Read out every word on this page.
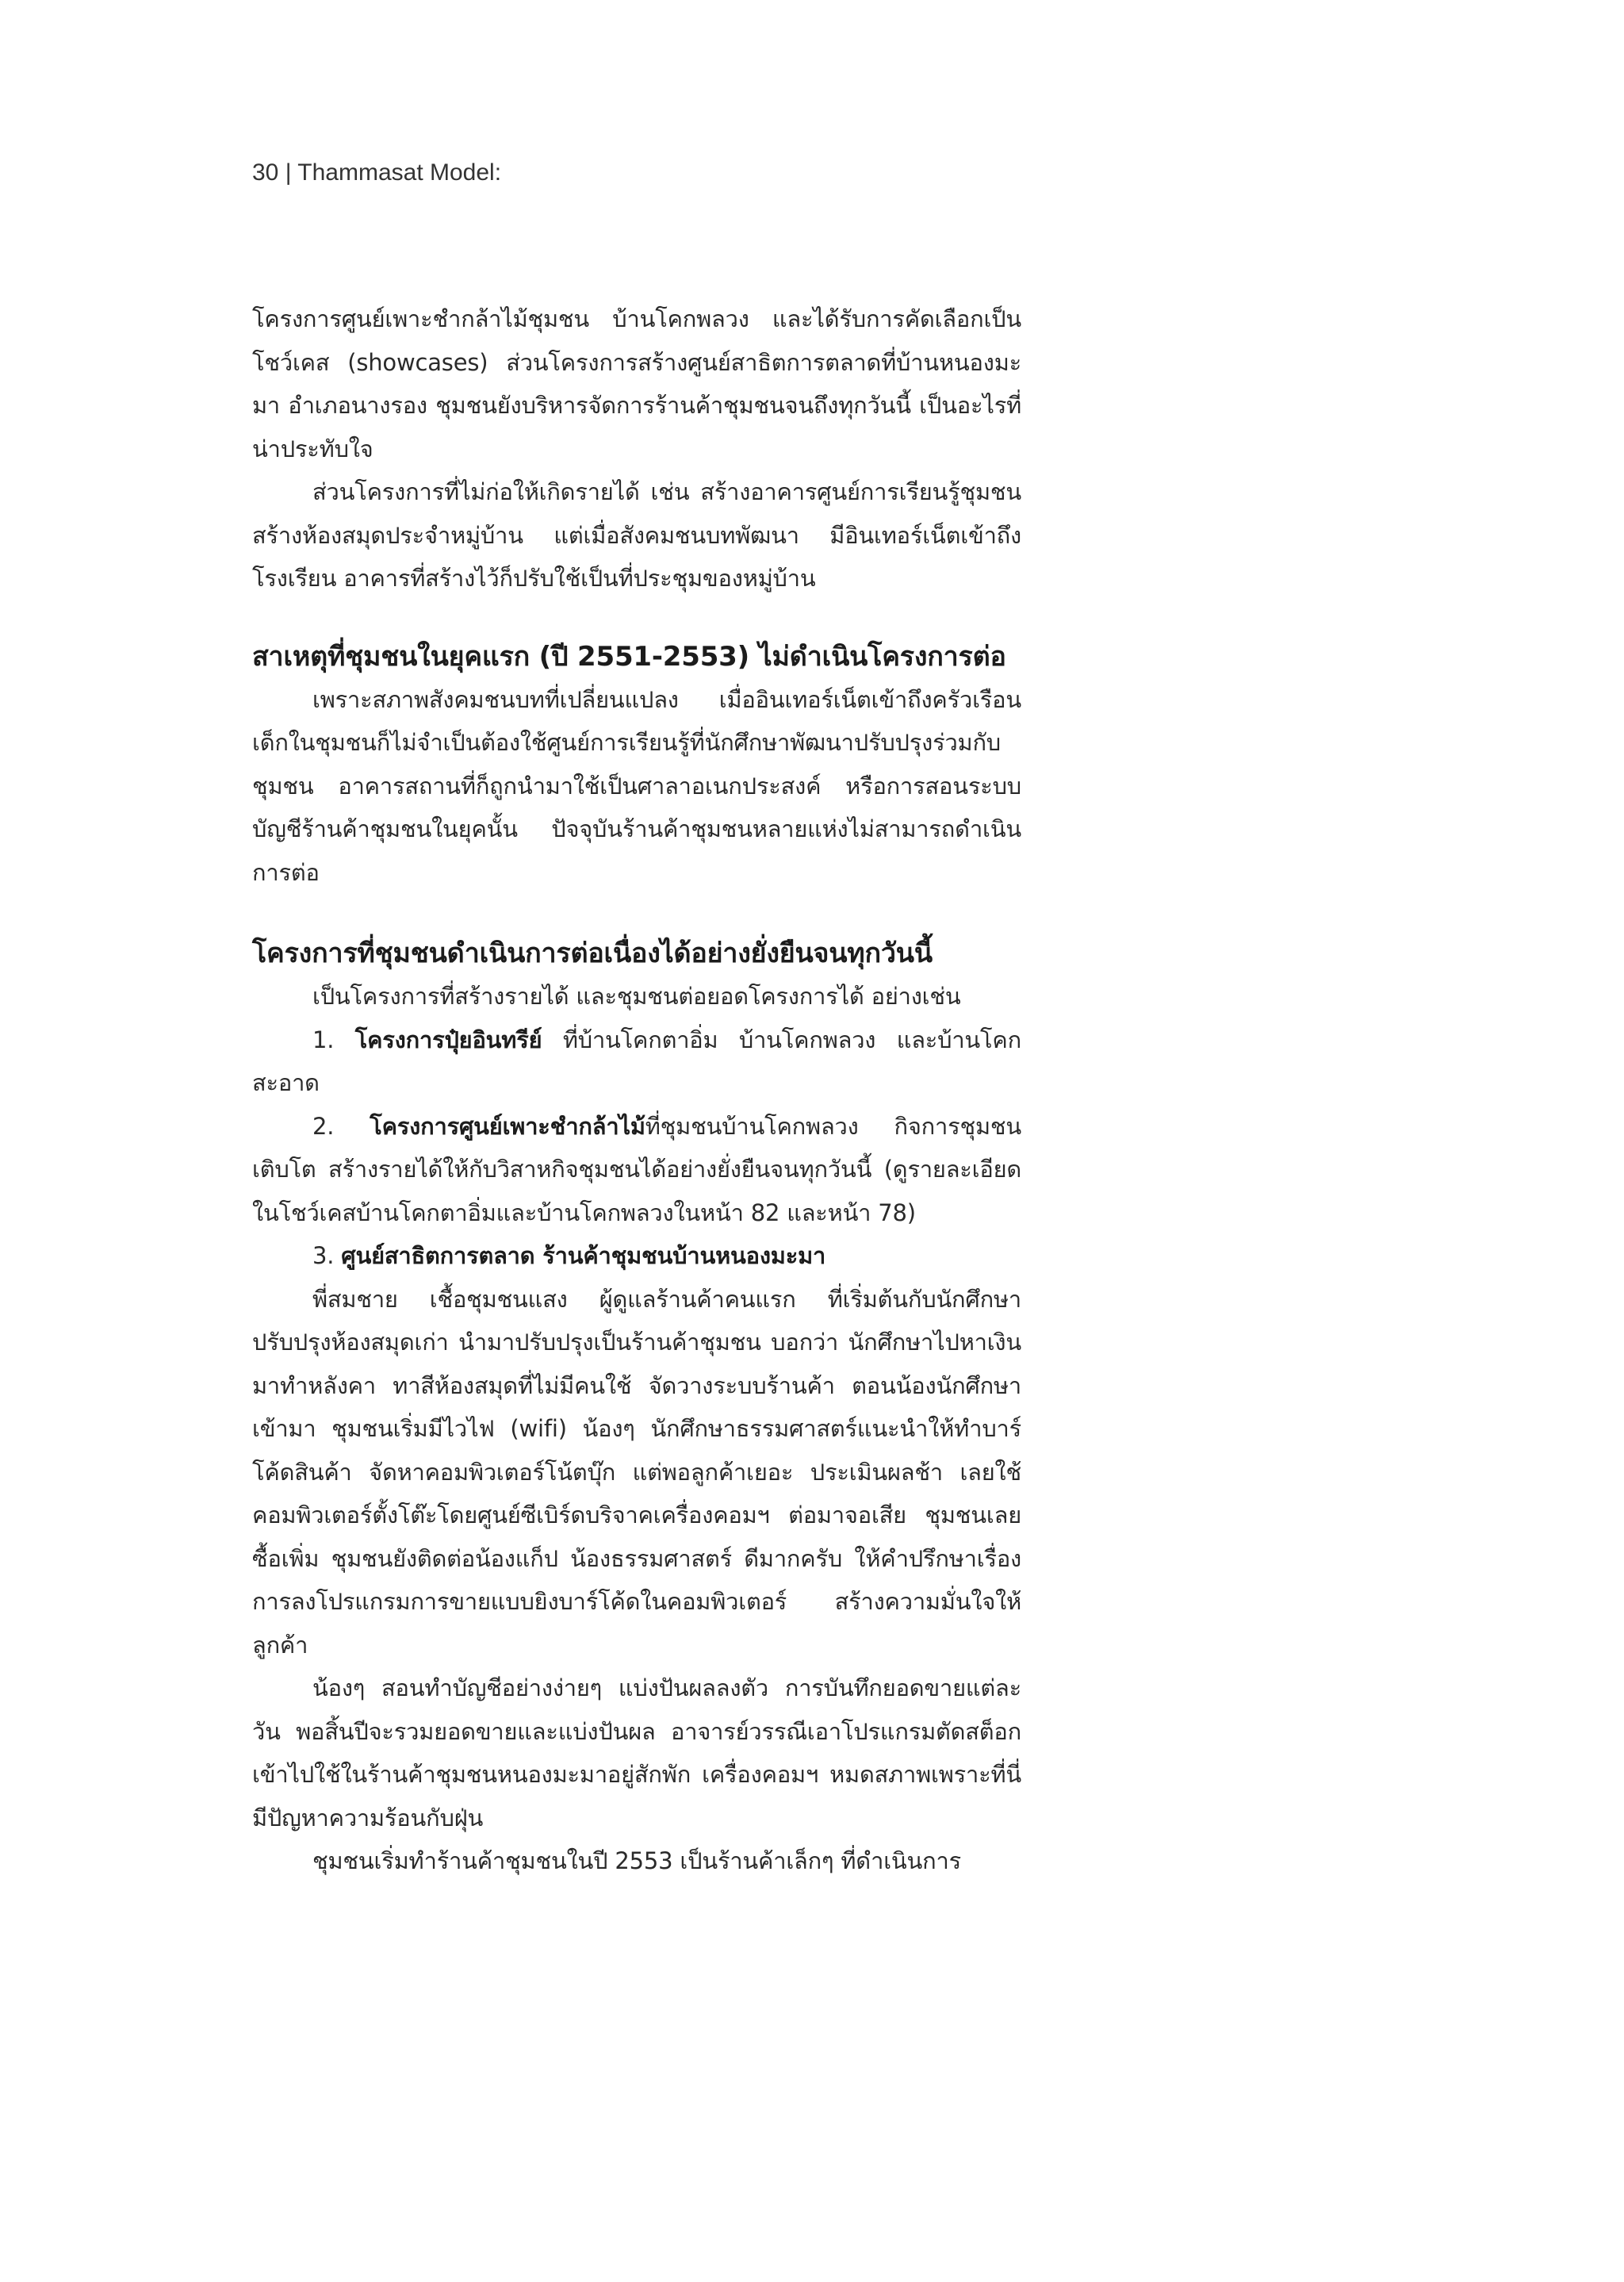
30 | Thammasat Model:

โครงการศูนย์เพาะชำกล้าไม้ชุมชน บ้านโคกพลวง และได้รับการคัดเลือกเป็นโชว์เคส (showcases) ส่วนโครงการสร้างศูนย์สาธิตการตลาดที่บ้านหนองมะมา อำเภอนางรอง ชุมชนยังบริหารจัดการร้านค้าชุมชนจนถึงทุกวันนี้ เป็นอะไรที่น่าประทับใจ

ส่วนโครงการที่ไม่ก่อให้เกิดรายได้ เช่น สร้างอาคารศูนย์การเรียนรู้ชุมชน สร้างห้องสมุดประจำหมู่บ้าน แต่เมื่อสังคมชนบทพัฒนา มีอินเทอร์เน็ตเข้าถึงโรงเรียน อาคารที่สร้างไว้ก็ปรับใช้เป็นที่ประชุมของหมู่บ้าน

สาเหตุที่ชุมชนในยุคแรก (ปี 2551-2553) ไม่ดำเนินโครงการต่อ

เพราะสภาพสังคมชนบทที่เปลี่ยนแปลง เมื่ออินเทอร์เน็ตเข้าถึงครัวเรือน เด็กในชุมชนก็ไม่จำเป็นต้องใช้ศูนย์การเรียนรู้ที่นักศึกษาพัฒนาปรับปรุงร่วมกับชุมชน อาคารสถานที่ก็ถูกนำมาใช้เป็นศาลาอเนกประสงค์ หรือการสอนระบบบัญชีร้านค้าชุมชนในยุคนั้น ปัจจุบันร้านค้าชุมชนหลายแห่งไม่สามารถดำเนินการต่อ

โครงการที่ชุมชนดำเนินการต่อเนื่องได้อย่างยั่งยืนจนทุกวันนี้

เป็นโครงการที่สร้างรายได้ และชุมชนต่อยอดโครงการได้ อย่างเช่น

1. โครงการปุ๋ยอินทรีย์ ที่บ้านโคกตาอิ่ม บ้านโคกพลวง และบ้านโคกสะอาด

2. โครงการศูนย์เพาะชำกล้าไม้ที่ชุมชนบ้านโคกพลวง กิจการชุมชนเติบโต สร้างรายได้ให้กับวิสาหกิจชุมชนได้อย่างยั่งยืนจนทุกวันนี้ (ดูรายละเอียดในโชว์เคสบ้านโคกตาอิ่มและบ้านโคกพลวงในหน้า 82 และหน้า 78)

3. ศูนย์สาธิตการตลาด ร้านค้าชุมชนบ้านหนองมะมา

พี่สมชาย เชื้อชุมชนแสง ผู้ดูแลร้านค้าคนแรก ที่เริ่มต้นกับนักศึกษาปรับปรุงห้องสมุดเก่า นำมาปรับปรุงเป็นร้านค้าชุมชน บอกว่า นักศึกษาไปหาเงินมาทำหลังคา ทาสีห้องสมุดที่ไม่มีคนใช้ จัดวางระบบร้านค้า ตอนน้องนักศึกษาเข้ามา ชุมชนเริ่มมีไวไฟ (wifi) น้องๆ นักศึกษาธรรมศาสตร์แนะนำให้ทำบาร์โค้ดสินค้า จัดหาคอมพิวเตอร์โน้ตบุ๊ก แต่พอลูกค้าเยอะ ประเมินผลช้า เลยใช้คอมพิวเตอร์ตั้งโต๊ะโดยศูนย์ซีเบิร์ดบริจาคเครื่องคอมฯ ต่อมาจอเสีย ชุมชนเลยซื้อเพิ่ม ชุมชนยังติดต่อน้องแก็ป น้องธรรมศาสตร์ ดีมากครับ ให้คำปรึกษาเรื่องการลงโปรแกรมการขายแบบยิงบาร์โค้ดในคอมพิวเตอร์ สร้างความมั่นใจให้ลูกค้า

น้องๆ สอนทำบัญชีอย่างง่ายๆ แบ่งปันผลลงตัว การบันทึกยอดขายแต่ละวัน พอสิ้นปีจะรวมยอดขายและแบ่งปันผล อาจารย์วรรณีเอาโปรแกรมตัดสต็อกเข้าไปใช้ในร้านค้าชุมชนหนองมะมาอยู่สักพัก เครื่องคอมฯ หมดสภาพเพราะที่นี่มีปัญหาความร้อนกับฝุ่น

ชุมชนเริ่มทำร้านค้าชุมชนในปี 2553 เป็นร้านค้าเล็กๆ ที่ดำเนินการ
